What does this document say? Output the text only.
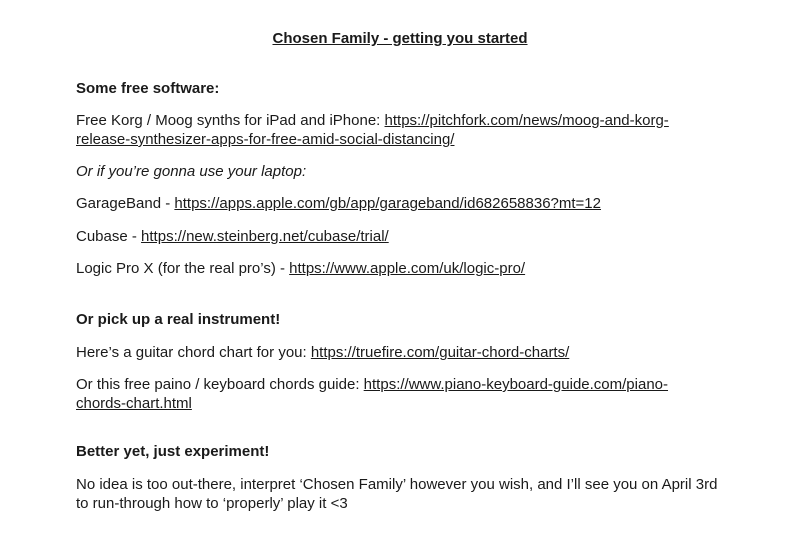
Chosen Family - getting you started
Some free software:
Free Korg / Moog synths for iPad and iPhone: https://pitchfork.com/news/moog-and-korg-
release-synthesizer-apps-for-free-amid-social-distancing/
Or if you’re gonna use your laptop:
GarageBand - https://apps.apple.com/gb/app/garageband/id682658836?mt=12
Cubase - https://new.steinberg.net/cubase/trial/
Logic Pro X (for the real pro’s) - https://www.apple.com/uk/logic-pro/
Or pick up a real instrument!
Here’s a guitar chord chart for you: https://truefire.com/guitar-chord-charts/
Or this free paino / keyboard chords guide: https://www.piano-keyboard-guide.com/piano-
chords-chart.html
Better yet, just experiment!
No idea is too out-there, interpret ‘Chosen Family’ however you wish, and I’ll see you on April 3rd
to run-through how to ‘properly’ play it <3
